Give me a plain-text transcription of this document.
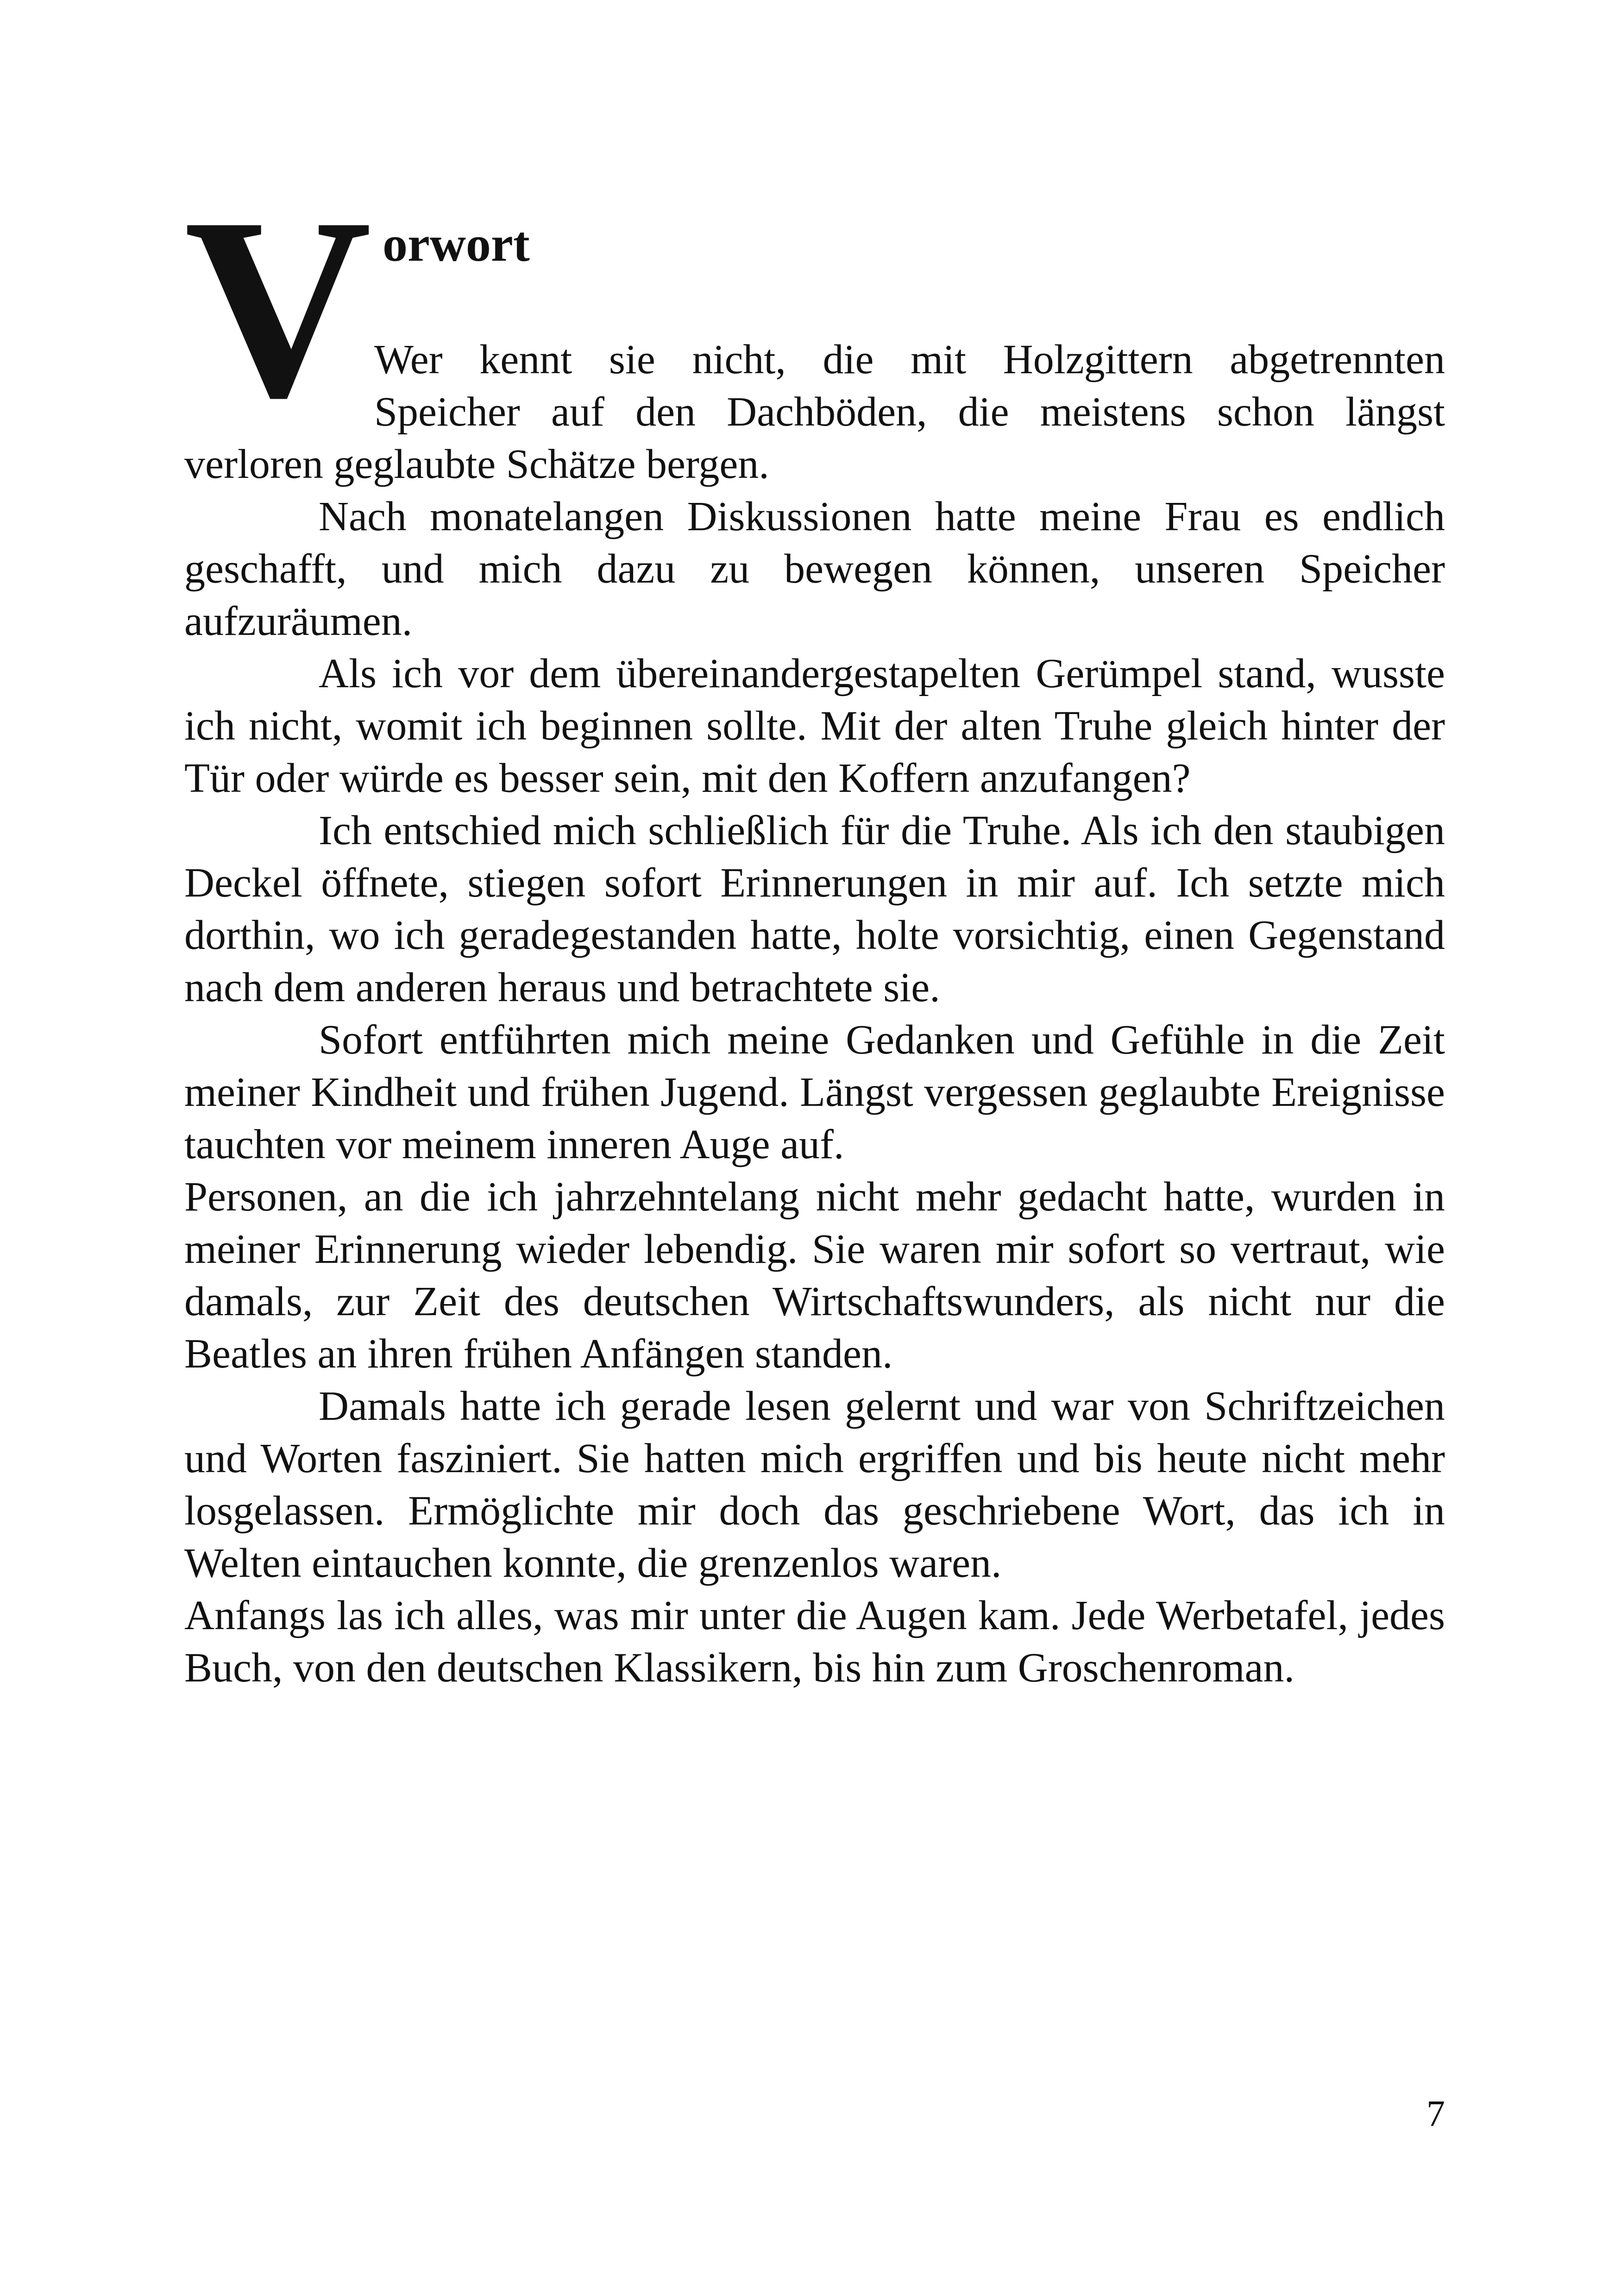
V orwort

Wer kennt sie nicht, die mit Holzgittern abgetrennten
Speicher auf den Dachböden, die meistens schon längst
verloren geglaubte Schätze bergen.

Nach monatelangen Diskussionen hatte meine Frau es endlich geschafft, und mich dazu zu bewegen können, unseren Speicher aufzuräumen.

Als ich vor dem übereinandergestapelten Gerümpel stand, wusste ich nicht, womit ich beginnen sollte. Mit der alten Truhe gleich hinter der Tür oder würde es besser sein, mit den Koffern anzufangen?

Ich entschied mich schließlich für die Truhe. Als ich den staubigen Deckel öffnete, stiegen sofort Erinnerungen in mir auf. Ich setzte mich dorthin, wo ich geradegestanden hatte, holte vorsichtig, einen Gegenstand nach dem anderen heraus und betrachtete sie.

Sofort entführten mich meine Gedanken und Gefühle in die Zeit meiner Kindheit und frühen Jugend. Längst vergessen geglaubte Ereignisse tauchten vor meinem inneren Auge auf.

Personen, an die ich jahrzehntelang nicht mehr gedacht hatte, wurden in meiner Erinnerung wieder lebendig. Sie waren mir sofort so vertraut, wie damals, zur Zeit des deutschen Wirtschaftswunders, als nicht nur die Beatles an ihren frühen Anfängen standen.

Damals hatte ich gerade lesen gelernt und war von Schriftzeichen und Worten fasziniert. Sie hatten mich ergriffen und bis heute nicht mehr losgelassen. Ermöglichte mir doch das geschriebene Wort, das ich in Welten eintauchen konnte, die grenzenlos waren.

Anfangs las ich alles, was mir unter die Augen kam. Jede Werbetafel, jedes Buch, von den deutschen Klassikern, bis hin zum Groschenroman.

7
